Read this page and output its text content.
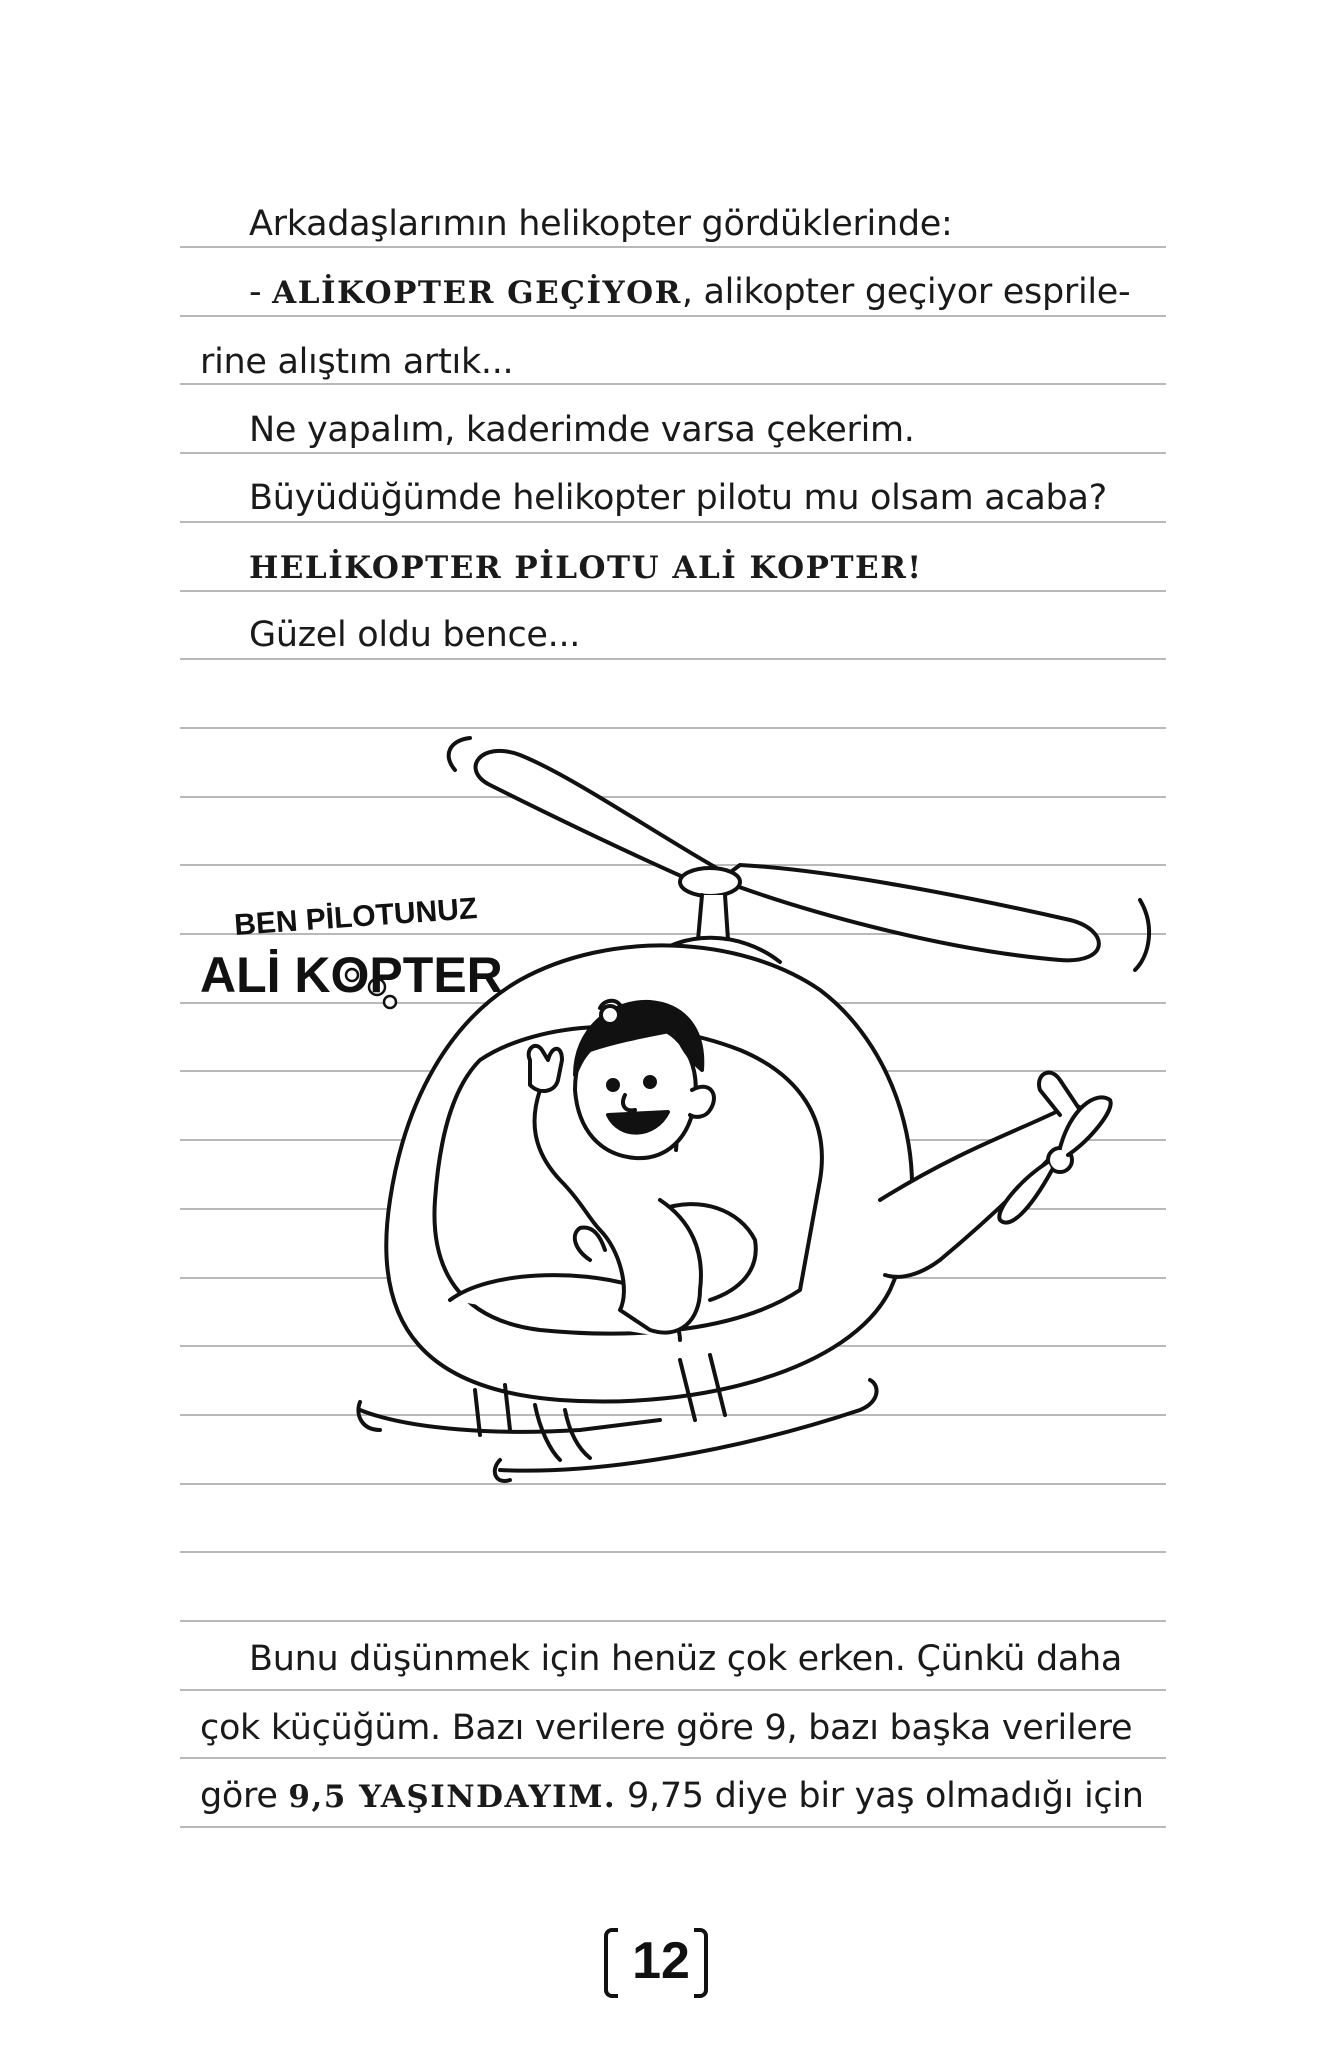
Arkadaşlarımın helikopter gördüklerinde:
- ALİKOPTER GEÇİYOR, alikopter geçiyor esprile-
rine alıştım artık...
Ne yapalım, kaderimde varsa çekerim.
Büyüdüğümde helikopter pilotu mu olsam acaba?
HELİKOPTER PİLOTU ALİ KOPTER!
Güzel oldu bence...
BEN PİLOTUNUZ
ALİ KOPTER
Bunu düşünmek için henüz çok erken. Çünkü daha
çok küçüğüm. Bazı verilere göre 9, bazı başka verilere
göre 9,5 YAŞINDAYIM. 9,75 diye bir yaş olmadığı için
12
